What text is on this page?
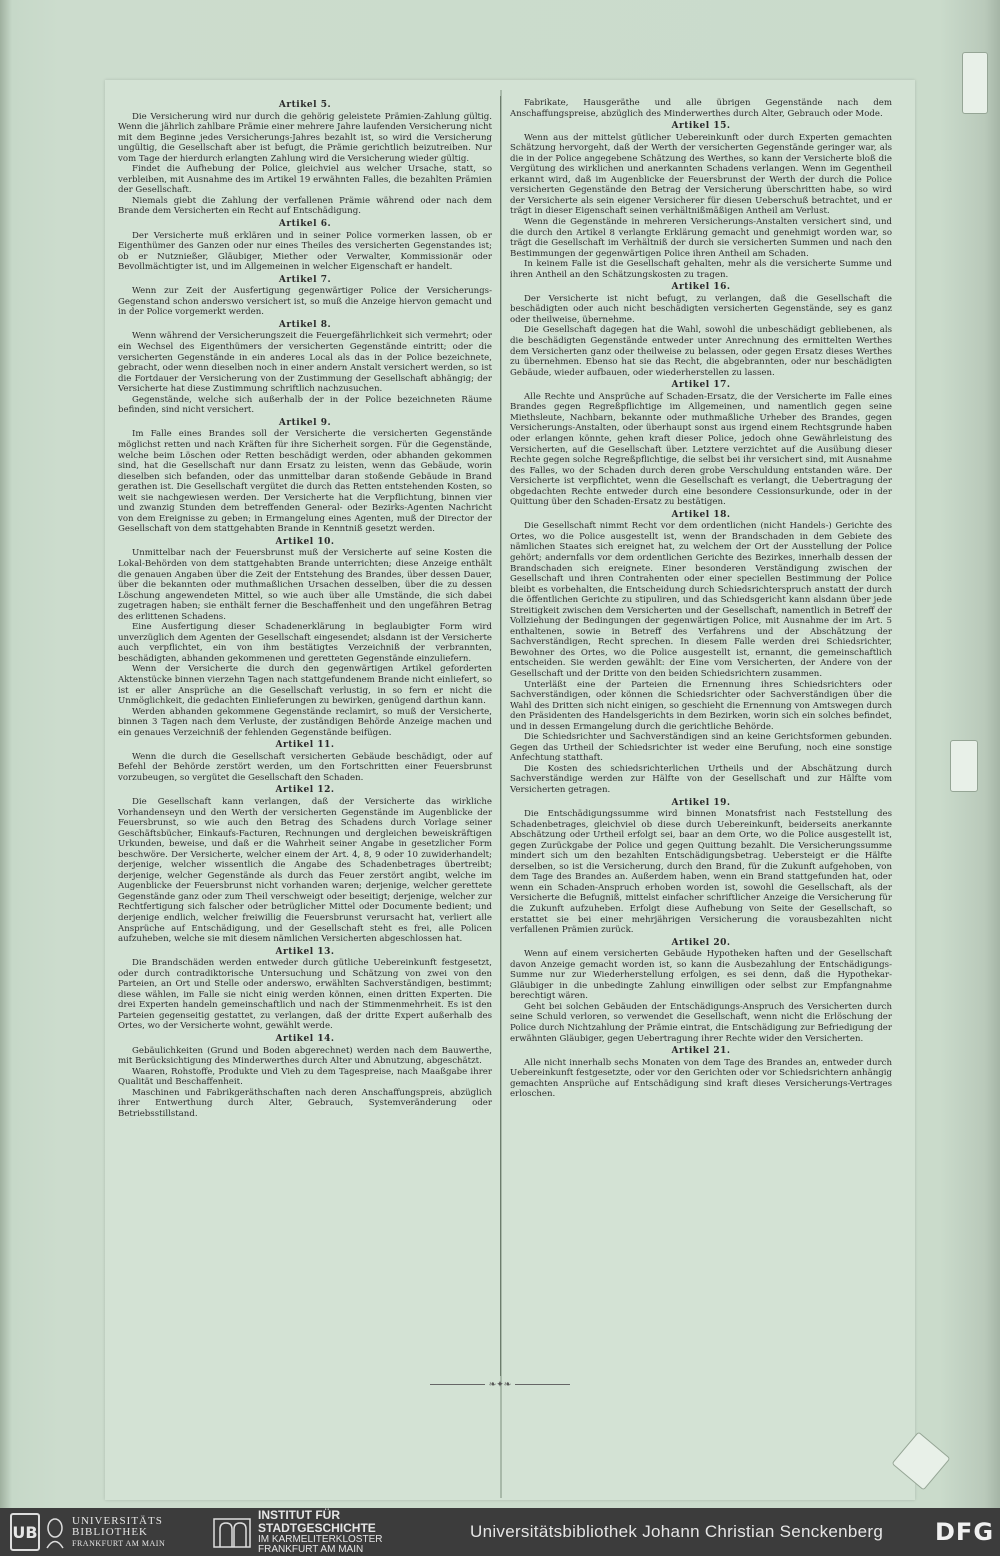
Artikel 5.

Die Versicherung wird nur durch die gehörig geleistete Prämien-Zahlung gültig. Wenn die jährlich zahlbare Prämie einer mehrere Jahre laufenden Versicherung nicht mit dem Beginne jedes Versicherungs-Jahres bezahlt ist, so wird die Versicherung ungültig, die Gesellschaft aber ist befugt, die Prämie gerichtlich beizutreiben. Nur vom Tage der hierdurch erlangten Zahlung wird die Versicherung wieder gültig.

Findet die Aufhebung der Police, gleichviel aus welcher Ursache, statt, so verbleiben, mit Ausnahme des im Artikel 19 erwähnten Falles, die bezahlten Prämien der Gesellschaft.

Niemals giebt die Zahlung der verfallenen Prämie während oder nach dem Brande dem Versicherten ein Recht auf Entschädigung.

Artikel 6.

Der Versicherte muß erklären und in seiner Police vormerken lassen, ob er Eigenthümer des Ganzen oder nur eines Theiles des versicherten Gegenstandes ist; ob er Nutznießer, Gläubiger, Miether oder Verwalter, Kommissionär oder Bevollmächtigter ist, und im Allgemeinen in welcher Eigenschaft er handelt.

Artikel 7.

Wenn zur Zeit der Ausfertigung gegenwärtiger Police der Versicherungs-Gegenstand schon anderswo versichert ist, so muß die Anzeige hiervon gemacht und in der Police vorgemerkt werden.

Artikel 8.

Wenn während der Versicherungszeit die Feuergefährlichkeit sich vermehrt; oder ein Wechsel des Eigenthümers der versicherten Gegenstände eintritt; oder die versicherten Gegenstände in ein anderes Local als das in der Police bezeichnete, gebracht, oder wenn dieselben noch in einer andern Anstalt versichert werden, so ist die Fortdauer der Versicherung von der Zustimmung der Gesellschaft abhängig; der Versicherte hat diese Zustimmung schriftlich nachzusuchen.

Gegenstände, welche sich außerhalb der in der Police bezeichneten Räume befinden, sind nicht versichert.

Artikel 9.

Im Falle eines Brandes soll der Versicherte die versicherten Gegenstände möglichst retten und nach Kräften für ihre Sicherheit sorgen. Für die Gegenstände, welche beim Löschen oder Retten beschädigt werden, oder abhanden gekommen sind, hat die Gesellschaft nur dann Ersatz zu leisten, wenn das Gebäude, worin dieselben sich befanden, oder das unmittelbar daran stoßende Gebäude in Brand gerathen ist. Die Gesellschaft vergütet die durch das Retten entstehenden Kosten, so weit sie nachgewiesen werden. Der Versicherte hat die Verpflichtung, binnen vier und zwanzig Stunden dem betreffenden General- oder Bezirks-Agenten Nachricht von dem Ereignisse zu geben; in Ermangelung eines Agenten, muß der Director der Gesellschaft von dem stattgehabten Brande in Kenntniß gesetzt werden.

Artikel 10.

Unmittelbar nach der Feuersbrunst muß der Versicherte auf seine Kosten die Lokal-Behörden von dem stattgehabten Brande unterrichten; diese Anzeige enthält die genauen Angaben über die Zeit der Entstehung des Brandes, über dessen Dauer, über die bekannten oder muthmaßlichen Ursachen desselben, über die zu dessen Löschung angewendeten Mittel, so wie auch über alle Umstände, die sich dabei zugetragen haben; sie enthält ferner die Beschaffenheit und den ungefähren Betrag des erlittenen Schadens.

Eine Ausfertigung dieser Schadenerklärung in beglaubigter Form wird unverzüglich dem Agenten der Gesellschaft eingesendet; alsdann ist der Versicherte auch verpflichtet, ein von ihm bestätigtes Verzeichniß der verbrannten, beschädigten, abhanden gekommenen und geretteten Gegenstände einzuliefern.

Wenn der Versicherte die durch den gegenwärtigen Artikel geforderten Aktenstücke binnen vierzehn Tagen nach stattgefundenem Brande nicht einliefert, so ist er aller Ansprüche an die Gesellschaft verlustig, in so fern er nicht die Unmöglichkeit, die gedachten Einlieferungen zu bewirken, genügend darthun kann.

Werden abhanden gekommene Gegenstände reclamirt, so muß der Versicherte, binnen 3 Tagen nach dem Verluste, der zuständigen Behörde Anzeige machen und ein genaues Verzeichniß der fehlenden Gegenstände beifügen.

Artikel 11.

Wenn die durch die Gesellschaft versicherten Gebäude beschädigt, oder auf Befehl der Behörde zerstört werden, um den Fortschritten einer Feuersbrunst vorzubeugen, so vergütet die Gesellschaft den Schaden.

Artikel 12.

Die Gesellschaft kann verlangen, daß der Versicherte das wirkliche Vorhandenseyn und den Werth der versicherten Gegenstände im Augenblicke der Feuersbrunst, so wie auch den Betrag des Schadens durch Vorlage seiner Geschäftsbücher, Einkaufs-Facturen, Rechnungen und dergleichen beweiskräftigen Urkunden, beweise, und daß er die Wahrheit seiner Angabe in gesetzlicher Form beschwöre. Der Versicherte, welcher einem der Art. 4, 8, 9 oder 10 zuwiderhandelt; derjenige, welcher wissentlich die Angabe des Schadenbetrages übertreibt; derjenige, welcher Gegenstände als durch das Feuer zerstört angibt, welche im Augenblicke der Feuersbrunst nicht vorhanden waren; derjenige, welcher gerettete Gegenstände ganz oder zum Theil verschweigt oder beseitigt; derjenige, welcher zur Rechtfertigung sich falscher oder betrüglicher Mittel oder Documente bedient; und derjenige endlich, welcher freiwillig die Feuersbrunst verursacht hat, verliert alle Ansprüche auf Entschädigung, und der Gesellschaft steht es frei, alle Policen aufzuheben, welche sie mit diesem nämlichen Versicherten abgeschlossen hat.

Artikel 13.

Die Brandschäden werden entweder durch gütliche Uebereinkunft festgesetzt, oder durch contradiktorische Untersuchung und Schätzung von zwei von den Parteien, an Ort und Stelle oder anderswo, erwählten Sachverständigen, bestimmt; diese wählen, im Falle sie nicht einig werden können, einen dritten Experten. Die drei Experten handeln gemeinschaftlich und nach der Stimmenmehrheit. Es ist den Parteien gegenseitig gestattet, zu verlangen, daß der dritte Expert außerhalb des Ortes, wo der Versicherte wohnt, gewählt werde.

Artikel 14.

Gebäulichkeiten (Grund und Boden abgerechnet) werden nach dem Bauwerthe, mit Berücksichtigung des Minderwerthes durch Alter und Abnutzung, abgeschätzt.

Waaren, Rohstoffe, Produkte und Vieh zu dem Tagespreise, nach Maaßgabe ihrer Qualität und Beschaffenheit.

Maschinen und Fabrikgeräthschaften nach deren Anschaffungspreis, abzüglich ihrer Entwerthung durch Alter, Gebrauch, Systemveränderung oder Betriebsstillstand.

Fabrikate, Hausgeräthe und alle übrigen Gegenstände nach dem Anschaffungspreise, abzüglich des Minderwerthes durch Alter, Gebrauch oder Mode.

Artikel 15.

Wenn aus der mittelst gütlicher Uebereinkunft oder durch Experten gemachten Schätzung hervorgeht, daß der Werth der versicherten Gegenstände geringer war, als die in der Police angegebene Schätzung des Werthes, so kann der Versicherte bloß die Vergütung des wirklichen und anerkannten Schadens verlangen. Wenn im Gegentheil erkannt wird, daß im Augenblicke der Feuersbrunst der Werth der durch die Police versicherten Gegenstände den Betrag der Versicherung überschritten habe, so wird der Versicherte als sein eigener Versicherer für diesen Ueberschuß betrachtet, und er trägt in dieser Eigenschaft seinen verhältnißmäßigen Antheil am Verlust.

Wenn die Gegenstände in mehreren Versicherungs-Anstalten versichert sind, und die durch den Artikel 8 verlangte Erklärung gemacht und genehmigt worden war, so trägt die Gesellschaft im Verhältniß der durch sie versicherten Summen und nach den Bestimmungen der gegenwärtigen Police ihren Antheil am Schaden.

In keinem Falle ist die Gesellschaft gehalten, mehr als die versicherte Summe und ihren Antheil an den Schätzungskosten zu tragen.

Artikel 16.

Der Versicherte ist nicht befugt, zu verlangen, daß die Gesellschaft die beschädigten oder auch nicht beschädigten versicherten Gegenstände, sey es ganz oder theilweise, übernehme.

Die Gesellschaft dagegen hat die Wahl, sowohl die unbeschädigt gebliebenen, als die beschädigten Gegenstände entweder unter Anrechnung des ermittelten Werthes dem Versicherten ganz oder theilweise zu belassen, oder gegen Ersatz dieses Werthes zu übernehmen. Ebenso hat sie das Recht, die abgebrannten, oder nur beschädigten Gebäude, wieder aufbauen, oder wiederherstellen zu lassen.

Artikel 17.

Alle Rechte und Ansprüche auf Schaden-Ersatz, die der Versicherte im Falle eines Brandes gegen Regreßpflichtige im Allgemeinen, und namentlich gegen seine Miethsleute, Nachbarn, bekannte oder muthmaßliche Urheber des Brandes, gegen Versicherungs-Anstalten, oder überhaupt sonst aus irgend einem Rechtsgrunde haben oder erlangen könnte, gehen kraft dieser Police, jedoch ohne Gewährleistung des Versicherten, auf die Gesellschaft über. Letztere verzichtet auf die Ausübung dieser Rechte gegen solche Regreßpflichtige, die selbst bei ihr versichert sind, mit Ausnahme des Falles, wo der Schaden durch deren grobe Verschuldung entstanden wäre. Der Versicherte ist verpflichtet, wenn die Gesellschaft es verlangt, die Uebertragung der obgedachten Rechte entweder durch eine besondere Cessionsurkunde, oder in der Quittung über den Schaden-Ersatz zu bestätigen.

Artikel 18.

Die Gesellschaft nimmt Recht vor dem ordentlichen (nicht Handels-) Gerichte des Ortes, wo die Police ausgestellt ist, wenn der Brandschaden in dem Gebiete des nämlichen Staates sich ereignet hat, zu welchem der Ort der Ausstellung der Police gehört; andernfalls vor dem ordentlichen Gerichte des Bezirkes, innerhalb dessen der Brandschaden sich ereignete. Einer besonderen Verständigung zwischen der Gesellschaft und ihren Contrahenten oder einer speciellen Bestimmung der Police bleibt es vorbehalten, die Entscheidung durch Schiedsrichterspruch anstatt der durch die öffentlichen Gerichte zu stipuliren, und das Schiedsgericht kann alsdann über jede Streitigkeit zwischen dem Versicherten und der Gesellschaft, namentlich in Betreff der Vollziehung der Bedingungen der gegenwärtigen Police, mit Ausnahme der im Art. 5 enthaltenen, sowie in Betreff des Verfahrens und der Abschätzung der Sachverständigen, Recht sprechen. In diesem Falle werden drei Schiedsrichter, Bewohner des Ortes, wo die Police ausgestellt ist, ernannt, die gemeinschaftlich entscheiden. Sie werden gewählt: der Eine vom Versicherten, der Andere von der Gesellschaft und der Dritte von den beiden Schiedsrichtern zusammen.

Unterläßt eine der Parteien die Ernennung ihres Schiedsrichters oder Sachverständigen, oder können die Schiedsrichter oder Sachverständigen über die Wahl des Dritten sich nicht einigen, so geschieht die Ernennung von Amtswegen durch den Präsidenten des Handelsgerichts in dem Bezirken, worin sich ein solches befindet, und in dessen Ermangelung durch die gerichtliche Behörde.

Die Schiedsrichter und Sachverständigen sind an keine Gerichtsformen gebunden. Gegen das Urtheil der Schiedsrichter ist weder eine Berufung, noch eine sonstige Anfechtung statthaft.

Die Kosten des schiedsrichterlichen Urtheils und der Abschätzung durch Sachverständige werden zur Hälfte von der Gesellschaft und zur Hälfte vom Versicherten getragen.

Artikel 19.

Die Entschädigungssumme wird binnen Monatsfrist nach Feststellung des Schadenbetrages, gleichviel ob diese durch Uebereinkunft, beiderseits anerkannte Abschätzung oder Urtheil erfolgt sei, baar an dem Orte, wo die Police ausgestellt ist, gegen Zurückgabe der Police und gegen Quittung bezahlt. Die Versicherungssumme mindert sich um den bezahlten Entschädigungsbetrag. Uebersteigt er die Hälfte derselben, so ist die Versicherung, durch den Brand, für die Zukunft aufgehoben, von dem Tage des Brandes an. Außerdem haben, wenn ein Brand stattgefunden hat, oder wenn ein Schaden-Anspruch erhoben worden ist, sowohl die Gesellschaft, als der Versicherte die Befugniß, mittelst einfacher schriftlicher Anzeige die Versicherung für die Zukunft aufzuheben. Erfolgt diese Aufhebung von Seite der Gesellschaft, so erstattet sie bei einer mehrjährigen Versicherung die vorausbezahlten nicht verfallenen Prämien zurück.

Artikel 20.

Wenn auf einem versicherten Gebäude Hypotheken haften und der Gesellschaft davon Anzeige gemacht worden ist, so kann die Ausbezahlung der Entschädigungs-Summe nur zur Wiederherstellung erfolgen, es sei denn, daß die Hypothekar-Gläubiger in die unbedingte Zahlung einwilligen oder selbst zur Empfangnahme berechtigt wären.

Geht bei solchen Gebäuden der Entschädigungs-Anspruch des Versicherten durch seine Schuld verloren, so verwendet die Gesellschaft, wenn nicht die Erlöschung der Police durch Nichtzahlung der Prämie eintrat, die Entschädigung zur Befriedigung der erwähnten Gläubiger, gegen Uebertragung ihrer Rechte wider den Versicherten.

Artikel 21.

Alle nicht innerhalb sechs Monaten von dem Tage des Brandes an, entweder durch Uebereinkunft festgesetzte, oder vor den Gerichten oder vor Schiedsrichtern anhängig gemachten Ansprüche auf Entschädigung sind kraft dieses Versicherungs-Vertrages erloschen.

❧✦❧
UB
UNIVERSITÄTS
BIBLIOTHEK
FRANKFURT AM MAIN
INSTITUT FÜR
STADTGESCHICHTE
IM KARMELITERKLOSTER
FRANKFURT AM MAIN
Universitätsbibliothek Johann Christian Senckenberg DFG
